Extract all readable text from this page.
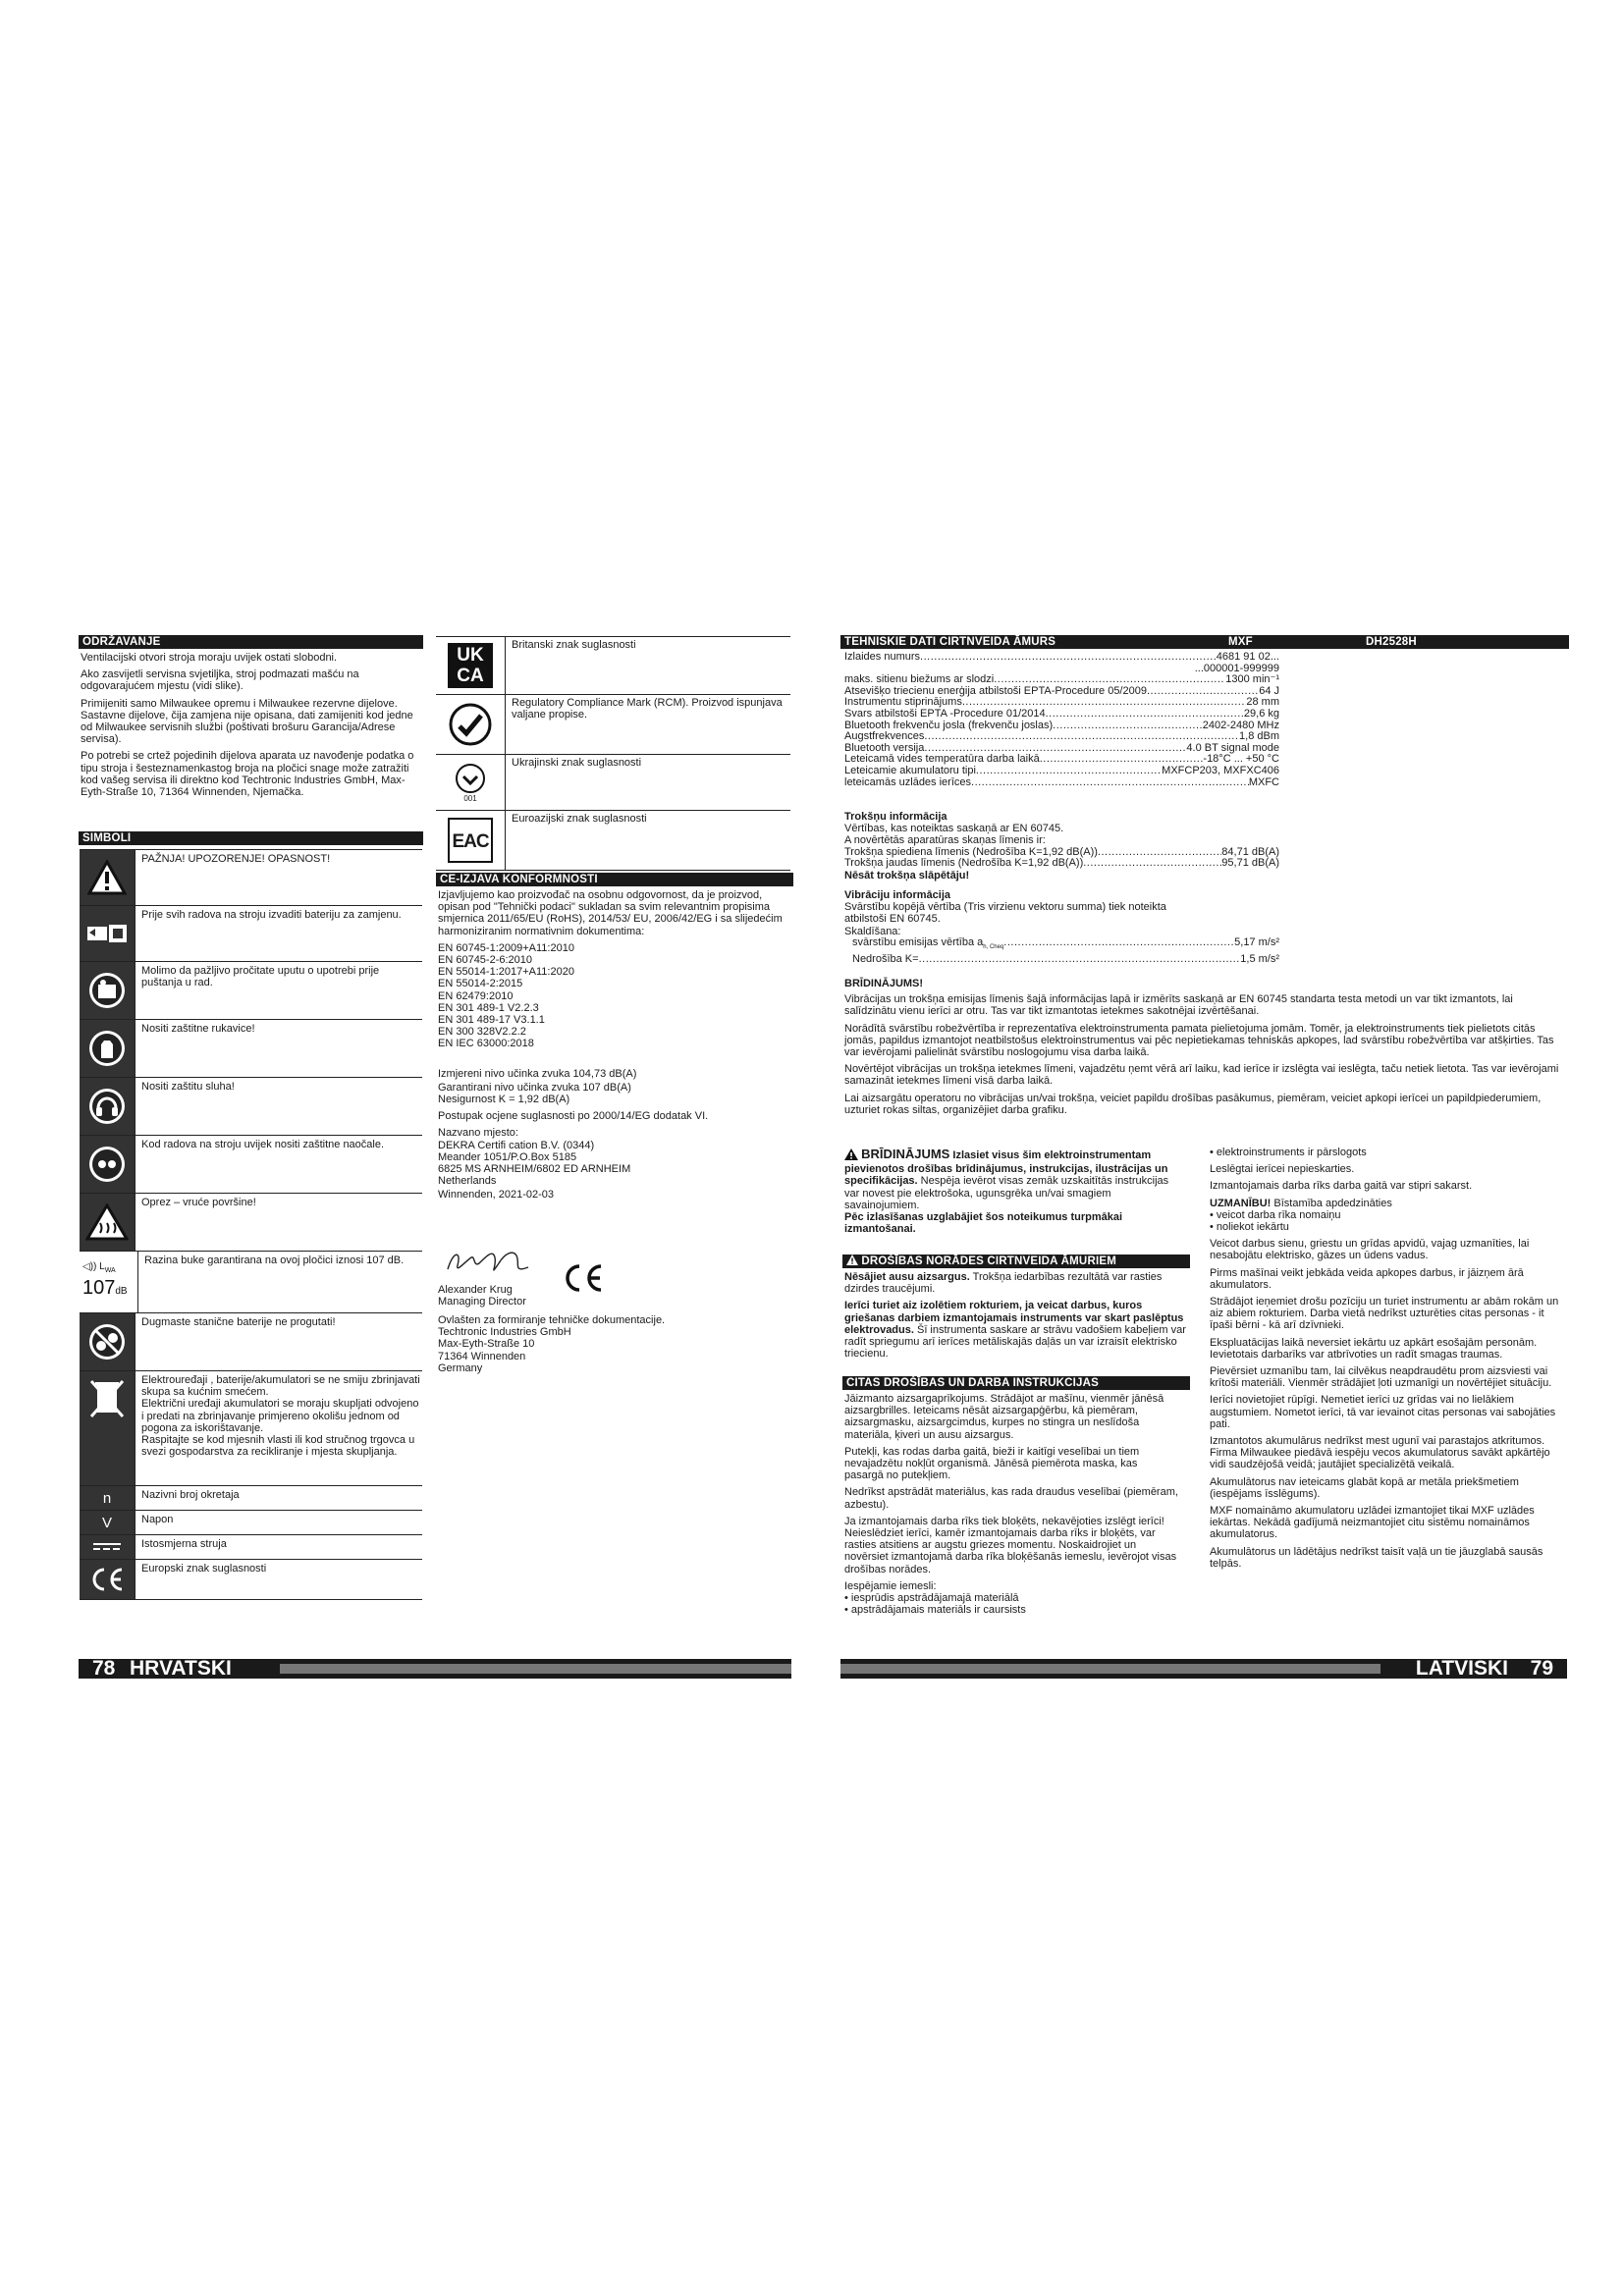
ODRŽAVANJE

Ventilacijski otvori stroja moraju uvijek ostati slobodni.

Ako zasvijetli servisna svjetiljka, stroj podmazati mašću na odgovarajućem mjestu (vidi slike).

Primijeniti samo Milwaukee opremu i Milwaukee rezervne dijelove. Sastavne dijelove, čija zamjena nije opisana, dati zamijeniti kod jedne od Milwaukee servisnih službi (poštivati brošuru Garancija/Adrese servisa).

Po potrebi se crtež pojedinih dijelova aparata uz navođenje podatka o tipu stroja i šesteznamenkastog broja na pločici snage može zatražiti kod vašeg servisa ili direktno kod Techtronic Industries GmbH, Max-Eyth-Straße 10, 71364 Winnenden, Njemačka.

SIMBOLI
PAŽNJA! UPOZORENJE! OPASNOST!
Prije svih radova na stroju izvaditi bateriju za zamjenu.
Molimo da pažljivo pročitate uputu o upotrebi prije puštanja u rad.
Nositi zaštitne rukavice!
Nositi zaštitu sluha!
Kod radova na stroju uvijek nositi zaštitne naočale.
Oprez – vruće površine!
◁)) $L_{WA}$
107dB
Razina buke garantirana na ovoj pločici iznosi 107 dB.
Dugmaste stanične baterije ne progutati!
Elektrouređaji , baterije/akumulatori se ne smiju zbrinjavati skupa sa kućnim smećem.
Električni uređaji akumulatori se moraju skupljati odvojeno i predati na zbrinjavanje primjereno okolišu jednom od pogona za iskorištavanje.
Raspitajte se kod mjesnih vlasti ili kod stručnog trgovca u svezi gospodarstva za recikliranje i mjesta skupljanja.
n	Nazivni broj okretaja
V	Napon
Istosmjerna struja
Europski znak suglasnosti
UK
CA
Britanski znak suglasnosti
Regulatory Compliance Mark (RCM). Proizvod ispunjava valjane propise.
001
Ukrajinski znak suglasnosti
EAC
Euroazijski znak suglasnosti
CE-IZJAVA KONFORMNOSTI

Izjavljujemo kao proizvođač na osobnu odgovornost, da je proizvod, opisan pod "Tehnički podaci" sukladan sa svim relevantnim propisima smjernica 2011/65/EU (RoHS), 2014/53/ EU, 2006/42/EG i sa slijedećim harmoniziranim normativnim dokumentima:

EN 60745-1:2009+A11:2010
EN 60745-2-6:2010
EN 55014-1:2017+A11:2020
EN 55014-2:2015
EN 62479:2010
EN 301 489-1 V2.2.3
EN 301 489-17 V3.1.1
EN 300 328V2.2.2
EN IEC 63000:2018

Izmjereni nivo učinka zvuka 104,73 dB(A)

Garantirani nivo učinka zvuka 107 dB(A)

Nesigurnost K = 1,92 dB(A)

Postupak ocjene suglasnosti po 2000/14/EG dodatak VI.

Nazvano mjesto:
DEKRA Certifi cation B.V. (0344)
Meander 1051/P.O.Box 5185
6825 MS ARNHEIM/6802 ED ARNHEIM
Netherlands

Winnenden, 2021-02-03

Alexander Krug
Managing Director
Ovlašten za formiranje tehničke dokumentacije.
Techtronic Industries GmbH
Max-Eyth-Straße 10
71364 Winnenden
Germany
78 HRVATSKI
TEHNISKIE DATI CIRTNVEIDA ĀMURS	MXF	DH2528H
Izlaides numurs .....	4681 91 02...
...000001-999999
maks. sitienu biežums ar slodzi .....	1300 min⁻¹
Atsevišķo triecienu enerģija atbilstoši EPTA-Procedure 05/2009 .....	64 J
Instrumentu stiprinājums .....	28 mm
Svars atbilstoši EPTA -Procedure 01/2014 .....	29,6 kg
Bluetooth frekvenču josla (frekvenču joslas) .....	2402-2480 MHz
Augstfrekvences .....	1,8 dBm
Bluetooth versija .....	4.0 BT signal mode
Leteicamā vides temperatūra darba laikā .....	-18°C ... +50 °C
Leteicamie akumulatoru tipi .....	MXFCP203, MXFXC406
leteicamās uzlādes ierīces .....	MXFC
Trokšņu informācija
Vērtības, kas noteiktas saskaņā ar EN 60745.
A novērtētās aparatūras skaņas līmenis ir:
Trokšņa spiediena līmenis (Nedrošība K=1,92 dB(A)) .....	84,71 dB(A)
Trokšņa jaudas līmenis (Nedrošība K=1,92 dB(A)) .....	95,71 dB(A)
Nēsāt trokšņa slāpētāju!
Vibrāciju informācija
Svārstību kopējā vērtība (Tris virzienu vektoru summa) tiek noteikta atbilstoši EN 60745.
Skaldīšana:
svārstību emisijas vērtība $a_{h, Cheq}$ .....	5,17 m/s²
Nedrošība K= .....	1,5 m/s²
BRĪDINĀJUMS!

Vibrācijas un trokšņa emisijas līmenis šajā informācijas lapā ir izmērīts saskaņā ar EN 60745 standarta testa metodi un var tikt izmantots, lai salīdzinātu vienu ierīci ar otru. Tas var tikt izmantotas ietekmes sakotnējai izvērtēšanai.

Norādītā svārstību robežvērtība ir reprezentatīva elektroinstrumenta pamata pielietojuma jomām. Tomēr, ja elektroinstruments tiek pielietots citās jomās, papildus izmantojot neatbilstošus elektroinstrumentus vai pēc nepietiekamas tehniskās apkopes, lad svārstību robežvērtība var atšķirties. Tas var ievērojami palielināt svārstību noslogojumu visa darba laikā.

Novērtējot vibrācijas un trokšņa ietekmes līmeni, vajadzētu ņemt vērā arī laiku, kad ierīce ir izslēgta vai ieslēgta, taču netiek lietota. Tas var ievērojami samazināt ietekmes līmeni visā darba laikā.

Lai aizsargātu operatoru no vibrācijas un/vai trokšņa, veiciet papildu drošības pasākumus, piemēram, veiciet apkopi ierīcei un papildpiederumiem, uzturiet rokas siltas, organizējiet darba grafiku.

BRĪDINĀJUMS Izlasiet visus šim elektroinstrumentam pievienotos drošības brīdinājumus, instrukcijas, ilustrācijas un specifikācijas. Nespēja ievērot visas zemāk uzskaitītās instrukcijas var novest pie elektrošoka, ugunsgrēka un/vai smagiem savainojumiem.
Pēc izlasīšanas uzglabājiet šos noteikumus turpmākai izmantošanai.

DROŠĪBAS NORĀDES CIRTNVEIDA ĀMURIEM

Nēsājiet ausu aizsargus. Trokšņa iedarbības rezultātā var rasties dzirdes traucējumi.

Ierīci turiet aiz izolētiem rokturiem, ja veicat darbus, kuros griešanas darbiem izmantojamais instruments var skart paslēptus elektrovadus. Šī instrumenta saskare ar strāvu vadošiem kabeļiem var radīt spriegumu arī ierīces metāliskajās daļās un var izraisīt elektrisko triecienu.

CITAS DROŠĪBAS UN DARBA INSTRUKCIJAS

Jāizmanto aizsargaprīkojums. Strādājot ar mašīnu, vienmēr jānēsā aizsargbrilles. Ieteicams nēsāt aizsargapģērbu, kā piemēram, aizsargmasku, aizsargcimdus, kurpes no stingra un neslīdoša materiāla, ķiveri un ausu aizsargus.

Putekļi, kas rodas darba gaitā, bieži ir kaitīgi veselībai un tiem nevajadzētu nokļūt organismā. Jānēsā piemērota maska, kas pasargā no putekļiem.

Nedrīkst apstrādāt materiālus, kas rada draudus veselībai (piemēram, azbestu).

Ja izmantojamais darba rīks tiek bloķēts, nekavējoties izslēgt ierīci! Neieslēdziet ierīci, kamēr izmantojamais darba rīks ir bloķēts, var rasties atsitiens ar augstu griezes momentu. Noskaidrojiet un novērsiet izmantojamā darba rīka bloķēšanās iemeslu, ievērojot visas drošības norādes.

Iespējamie iemesli:

• iesprūdis apstrādājamajā materiālā
• apstrādājamais materiāls ir caursists
• elektroinstruments ir pārslogots

Leslēgtai ierīcei nepieskarties.

Izmantojamais darba rīks darba gaitā var stipri sakarst.

UZMANĪBU! Bīstamība apdedzināties

• veicot darba rīka nomaiņu
• noliekot iekārtu

Veicot darbus sienu, griestu un grīdas apvidū, vajag uzmanīties, lai nesabojātu elektrisko, gāzes un ūdens vadus.

Pirms mašīnai veikt jebkāda veida apkopes darbus, ir jāizņem ārā akumulators.

Strādājot ieņemiet drošu pozīciju un turiet instrumentu ar abām rokām un aiz abiem rokturiem. Darba vietā nedrīkst uzturēties citas personas - it īpaši bērni - kā arī dzīvnieki.

Ekspluatācijas laikā neversiet iekārtu uz apkārt esošajām personām. Ievietotais darbarīks var atbrīvoties un radīt smagas traumas.

Pievērsiet uzmanību tam, lai cilvēkus neapdraudētu prom aizsviesti vai krītoši materiāli. Vienmēr strādājiet ļoti uzmanīgi un novērtējiet situāciju.

Ierīci novietojiet rūpīgi. Nemetiet ierīci uz grīdas vai no lielākiem augstumiem. Nometot ierīci, tā var ievainot citas personas vai sabojāties pati.

Izmantotos akumulārus nedrīkst mest ugunī vai parastajos atkritumos. Firma Milwaukee piedāvā iespēju vecos akumulatorus savākt apkārtējo vidi saudzējošā veidā; jautājiet specializētā veikalā.

Akumulātorus nav ieteicams glabāt kopā ar metāla priekšmetiem (iespējams īsslēgums).

MXF nomaināmo akumulatoru uzlādei izmantojiet tikai MXF uzlādes iekārtas. Nekādā gadījumā neizmantojiet citu sistēmu nomaināmos akumulatorus.

Akumulātorus un lādētājus nedrīkst taisīt vaļā un tie jāuzglabā sausās telpās.

LATVISKI 79
